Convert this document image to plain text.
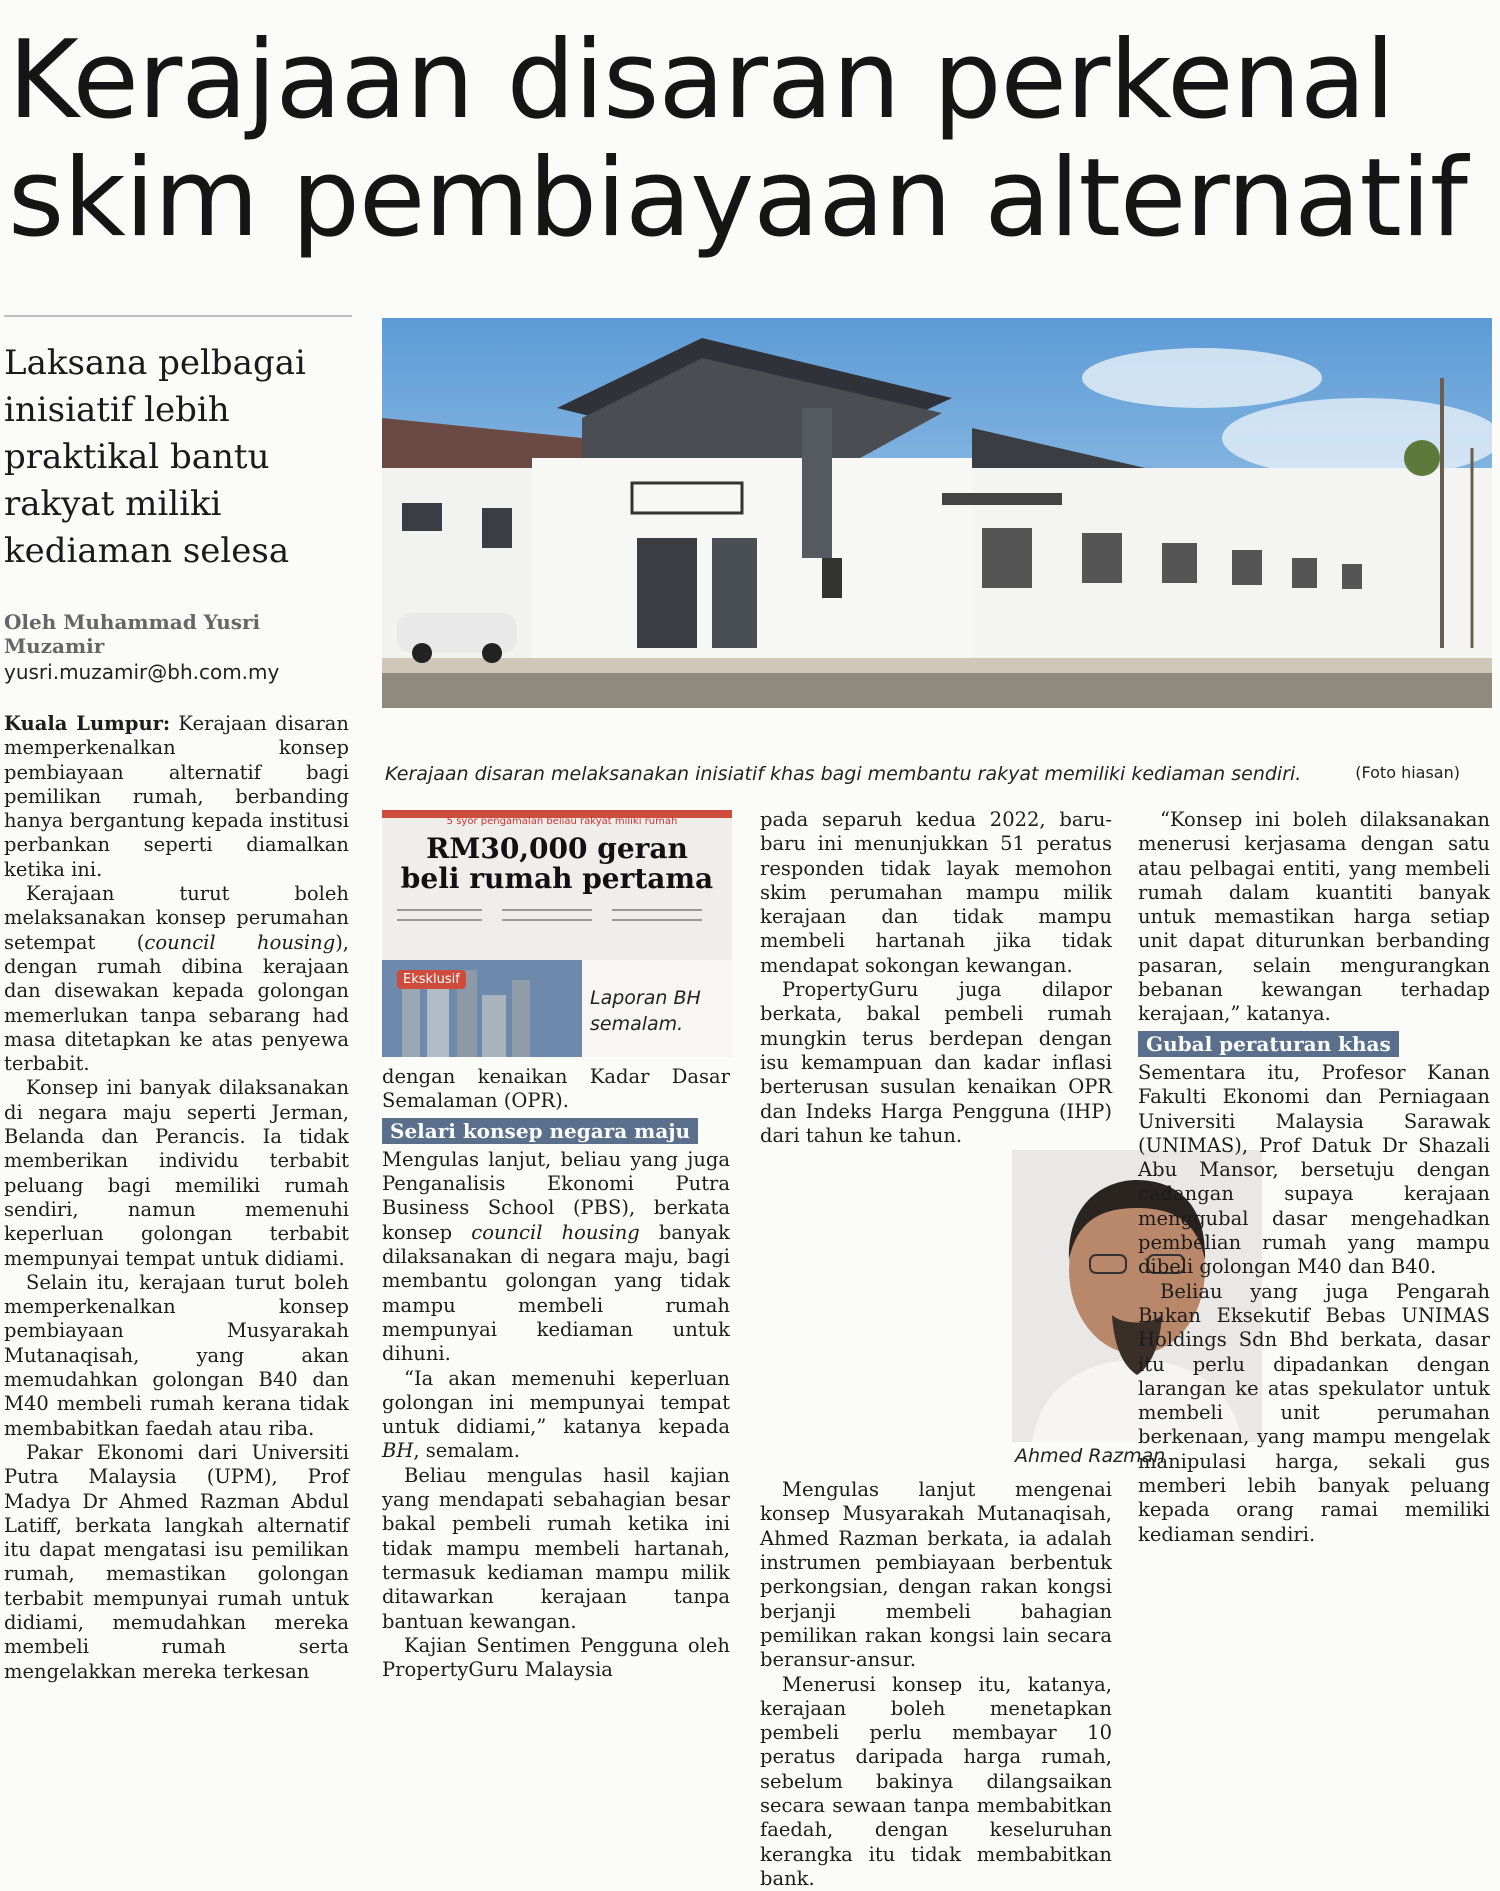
Kerajaan disaran perkenal skim pembiayaan alternatif
Laksana pelbagai inisiatif lebih praktikal bantu rakyat miliki kediaman selesa
Oleh Muhammad Yusri Muzamir
yusri.muzamir@bh.com.my
Kerajaan disaran melaksanakan inisiatif khas bagi membantu rakyat memiliki kediaman sendiri.	(Foto hiasan)

Kuala Lumpur: Kerajaan disaran memperkenalkan konsep pembiayaan alternatif bagi pemilikan rumah, berbanding hanya bergantung kepada institusi perbankan seperti diamalkan ketika ini.

Kerajaan turut boleh melaksanakan konsep perumahan setempat (council housing), dengan rumah dibina kerajaan dan disewakan kepada golongan memerlukan tanpa sebarang had masa ditetapkan ke atas penyewa terbabit.

Konsep ini banyak dilaksanakan di negara maju seperti Jerman, Belanda dan Perancis. Ia tidak memberikan individu terbabit peluang bagi memiliki rumah sendiri, namun memenuhi keperluan golongan terbabit mempunyai tempat untuk didiami.

Selain itu, kerajaan turut boleh memperkenalkan konsep pembiayaan Musyarakah Mutanaqisah, yang akan memudahkan golongan B40 dan M40 membeli rumah kerana tidak membabitkan faedah atau riba.

Pakar Ekonomi dari Universiti Putra Malaysia (UPM), Prof Madya Dr Ahmed Razman Abdul Latiff, berkata langkah alternatif itu dapat mengatasi isu pemilikan rumah, memastikan golongan terbabit mempunyai rumah untuk didiami, memudahkan mereka membeli rumah serta mengelakkan mereka terkesan

5 syor pengamalan beliau rakyat miliki rumah
RM30,000 geran beli rumah pertama
Eksklusif
Laporan BH semalam.

dengan kenaikan Kadar Dasar Semalaman (OPR).

Selari konsep negara maju

Mengulas lanjut, beliau yang juga Penganalisis Ekonomi Putra Business School (PBS), berkata konsep council housing banyak dilaksanakan di negara maju, bagi membantu golongan yang tidak mampu membeli rumah mempunyai kediaman untuk dihuni.

“Ia akan memenuhi keperluan golongan ini mempunyai tempat untuk didiami,” katanya kepada BH, semalam.

Beliau mengulas hasil kajian yang mendapati sebahagian besar bakal pembeli rumah ketika ini tidak mampu membeli hartanah, termasuk kediaman mampu milik ditawarkan kerajaan tanpa bantuan kewangan.

Kajian Sentimen Pengguna oleh PropertyGuru Malaysia

pada separuh kedua 2022, baru-baru ini menunjukkan 51 peratus responden tidak layak memohon skim perumahan mampu milik kerajaan dan tidak mampu membeli hartanah jika tidak mendapat sokongan kewangan.

PropertyGuru juga dilapor berkata, bakal pembeli rumah mungkin terus berdepan dengan isu kemampuan dan kadar inflasi berterusan susulan kenaikan OPR dan Indeks Harga Pengguna (IHP) dari tahun ke tahun.

Mengulas lanjut mengenai konsep Musyarakah Mutanaqisah, Ahmed Razman berkata, ia adalah instrumen pembiayaan berbentuk perkongsian, dengan rakan kongsi berjanji membeli bahagian pemilikan rakan kongsi lain secara beransur-ansur.

Menerusi konsep itu, katanya, kerajaan boleh menetapkan pembeli perlu membayar 10 peratus daripada harga rumah, sebelum bakinya dilangsaikan secara sewaan tanpa membabitkan faedah, dengan keseluruhan kerangka itu tidak membabitkan bank.

Ahmed Razman

“Konsep ini boleh dilaksanakan menerusi kerjasama dengan satu atau pelbagai entiti, yang membeli rumah dalam kuantiti banyak untuk memastikan harga setiap unit dapat diturunkan berbanding pasaran, selain mengurangkan bebanan kewangan terhadap kerajaan,” katanya.

Gubal peraturan khas

Sementara itu, Profesor Kanan Fakulti Ekonomi dan Perniagaan Universiti Malaysia Sarawak (UNIMAS), Prof Datuk Dr Shazali Abu Mansor, bersetuju dengan cadangan supaya kerajaan menggubal dasar mengehadkan pembelian rumah yang mampu dibeli golongan M40 dan B40.

Beliau yang juga Pengarah Bukan Eksekutif Bebas UNIMAS Holdings Sdn Bhd berkata, dasar itu perlu dipadankan dengan larangan ke atas spekulator untuk membeli unit perumahan berkenaan, yang mampu mengelak manipulasi harga, sekali gus memberi lebih banyak peluang kepada orang ramai memiliki kediaman sendiri.
